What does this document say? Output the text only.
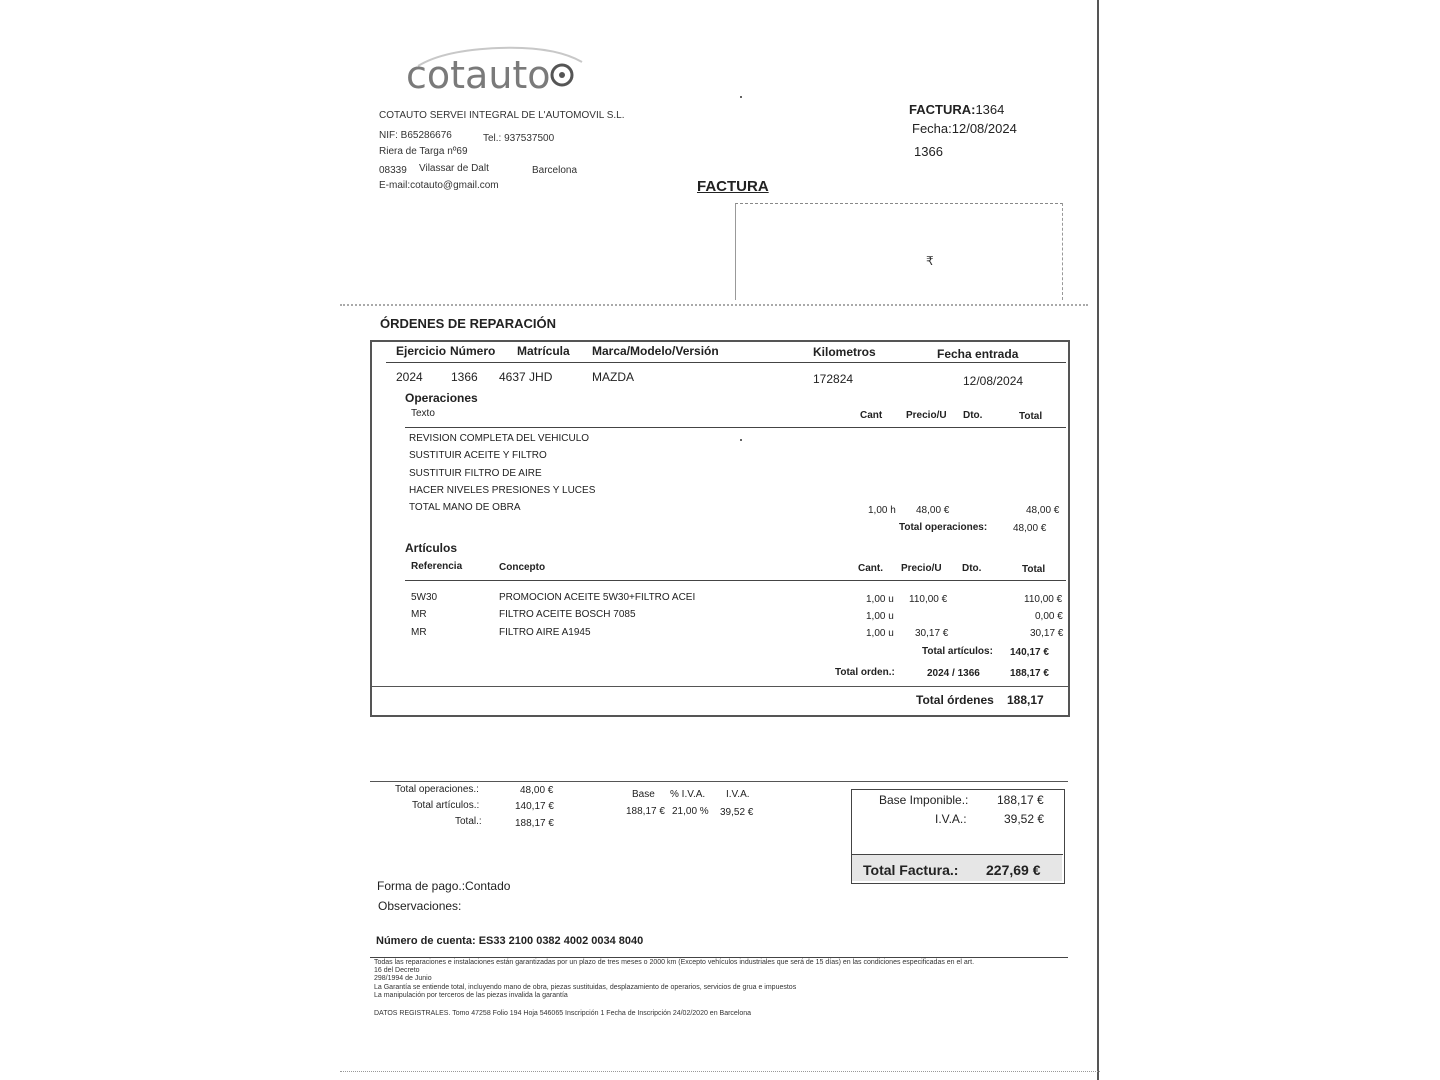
cotauto
COTAUTO SERVEI INTEGRAL DE L'AUTOMOVIL S.L.
NIF: B65286676	Tel.: 937537500
Riera de Targa nº69
08339 Vilassar de Dalt	Barcelona
E-mail:cotauto@gmail.com
FACTURA:1364
Fecha:12/08/2024
1366
FACTURA
₹
ÓRDENES DE REPARACIÓN
Ejercicio Número Matrícula Marca/Modelo/Versión	Kilometros	Fecha entrada
2024 1366 4637 JHD	MAZDA	172824	12/08/2024
Operaciones
Texto	Cant Precio/U Dto.	Total
REVISION COMPLETA DEL VEHICULO
SUSTITUIR ACEITE Y FILTRO
SUSTITUIR FILTRO DE AIRE
HACER NIVELES PRESIONES Y LUCES
TOTAL MANO DE OBRA	1,00 h 48,00 €	48,00 €
Total operaciones:	48,00 €
Artículos
Referencia	Concepto	Cant. Precio/U Dto.	Total
5W30	PROMOCION ACEITE 5W30+FILTRO ACEI	1,00 u 110,00 €	110,00 €
MR	FILTRO ACEITE BOSCH 7085	1,00 u	0,00 €
MR	FILTRO AIRE A1945	1,00 u 30,17 €	30,17 €
Total artículos: 140,17 €
Total orden.:	2024 / 1366	188,17 €
Total órdenes 188,17
Total operaciones.:	48,00 €
Total artículos.:	140,17 €
Total.:	188,17 €
Base % I.V.A. I.V.A.
188,17 € 21,00 % 39,52 €
Base Imponible.: 188,17 €
I.V.A.:	39,52 €
Total Factura.: 227,69 €
Forma de pago.:Contado
Observaciones:
Número de cuenta: ES33 2100 0382 4002 0034 8040
Todas las reparaciones e instalaciones están garantizadas por un plazo de tres meses o 2000 km (Excepto vehículos industriales que será de 15 días) en las condiciones especificadas en el art.
16 del Decreto
298/1994 de Junio
La Garantía se entiende total, incluyendo mano de obra, piezas sustituidas, desplazamiento de operarios, servicios de grua e impuestos
La manipulación por terceros de las piezas invalida la garantía
DATOS REGISTRALES. Tomo 47258 Folio 194 Hoja 546065 Inscripción 1 Fecha de Inscripción 24/02/2020 en Barcelona
